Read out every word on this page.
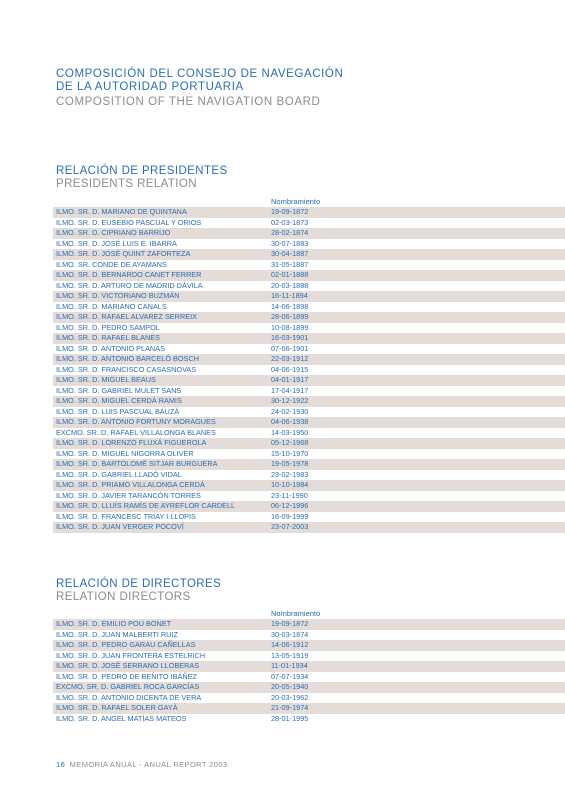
COMPOSICIÓN DEL CONSEJO DE NAVEGACIÓN
DE LA AUTORIDAD PORTUARIA
COMPOSITION OF THE NAVIGATION BOARD
RELACIÓN DE PRESIDENTES
PRESIDENTS RELATION
Nombramiento
ILMO. SR. D. MARIANO DE QUINTANA	19-09-1872
ILMO. SR. D. EUSEBIO PASCUAL Y ORIOS	02-03-1873
ILMO. SR. D. CIPRIANO BARRIJO	28-02-1874
ILMO. SR. D. JOSÉ LUIS E. IBARRA	30-07-1883
ILMO. SR. D. JOSÉ QUINT ZAFORTEZA	30-04-1887
ILMO. SR. CONDE DE AYAMANS	31-05-1887
ILMO. SR. D. BERNARDO CANET FERRER	02-01-1888
ILMO. SR. D. ARTURO DE MADRID DÁVILA	20-03-1888
ILMO. SR. D. VICTORIANO BUZMÁN	16-11-1894
ILMO. SR. D. MARIANO CANALS	14-06-1898
ILMO. SR. D. RAFAEL ALVAREZ SERREIX	28-06-1899
ILMO. SR. D. PEDRO SAMPOL	10-08-1899
ILMO. SR. D. RAFAEL BLANES	16-03-1901
ILMO. SR. D. ANTONIO PLANAS	07-06-1901
ILMO. SR. D. ANTONIO BARCELÓ BOSCH	22-03-1912
ILMO. SR. D. FRANCISCO CASASNOVAS	04-06-1915
ILMO. SR. D. MIGUEL BEAUS	04-01-1917
ILMO. SR. D. GABRIEL MULET SANS	17-04-1917
ILMO. SR. D. MIGUEL CERDÁ RAMIS	30-12-1922
ILMO. SR. D. LUIS PASCUAL BAUZÁ	24-02-1930
ILMO. SR. D. ANTONIO FORTUNY MORAGUES	04-06-1938
EXCMO. SR. D. RAFAEL VILLALONGA BLANES	14-03-1950
ILMO. SR. D. LORENZO FLUXÁ FIGUEROLA	05-12-1968
ILMO. SR. D. MIGUEL NIGORRA OLIVER	15-10-1970
ILMO. SR. D. BARTOLOMÉ SITJAR BURGUERA	19-05-1978
ILMO. SR. D. GABRIEL LLADÓ VIDAL	23-02-1983
ILMO. SR. D. PRIAMO VILLALONGA CERDÁ	10-10-1984
ILMO. SR. D. JAVIER TARANCÓN TORRES	23-11-1990
ILMO. SR. D. LLUÍS RAMÍS DE AYREFLOR CARDELL	06-12-1996
ILMO. SR. D. FRANCESC TRIAY I LLOPIS	16-09-1999
ILMO. SR. D. JUAN VERGER POCOVÍ	23-07-2003
RELACIÓN DE DIRECTORES
RELATION DIRECTORS
Nombramiento
ILMO. SR. D. EMILIO POU BONET	19-09-1872
ILMO. SR. D. JUAN MALBERTI RUIZ	30-03-1874
ILMO. SR. D. PEDRO GARAU CAÑELLAS	14-06-1912
ILMO. SR. D. JUAN FRONTERA ESTELRICH	13-05-1919
ILMO. SR. D. JOSÉ SERRANO LLOBERAS	11-01-1934
ILMO. SR. D. PEDRO DE BENITO IBÁÑEZ	07-07-1934
EXCMO. SR. D. GABRIEL ROCA GARCÍAS	20-05-1940
ILMO. SR. D. ANTONIO DICENTA DE VERA	20-03-1962
ILMO. SR. D. RAFAEL SOLER GAYÀ	21-09-1974
ILMO. SR. D. ANGEL MATÍAS MATEOS	28-01-1995
16 MEMORIA ANUAL - ANUAL REPORT 2003
